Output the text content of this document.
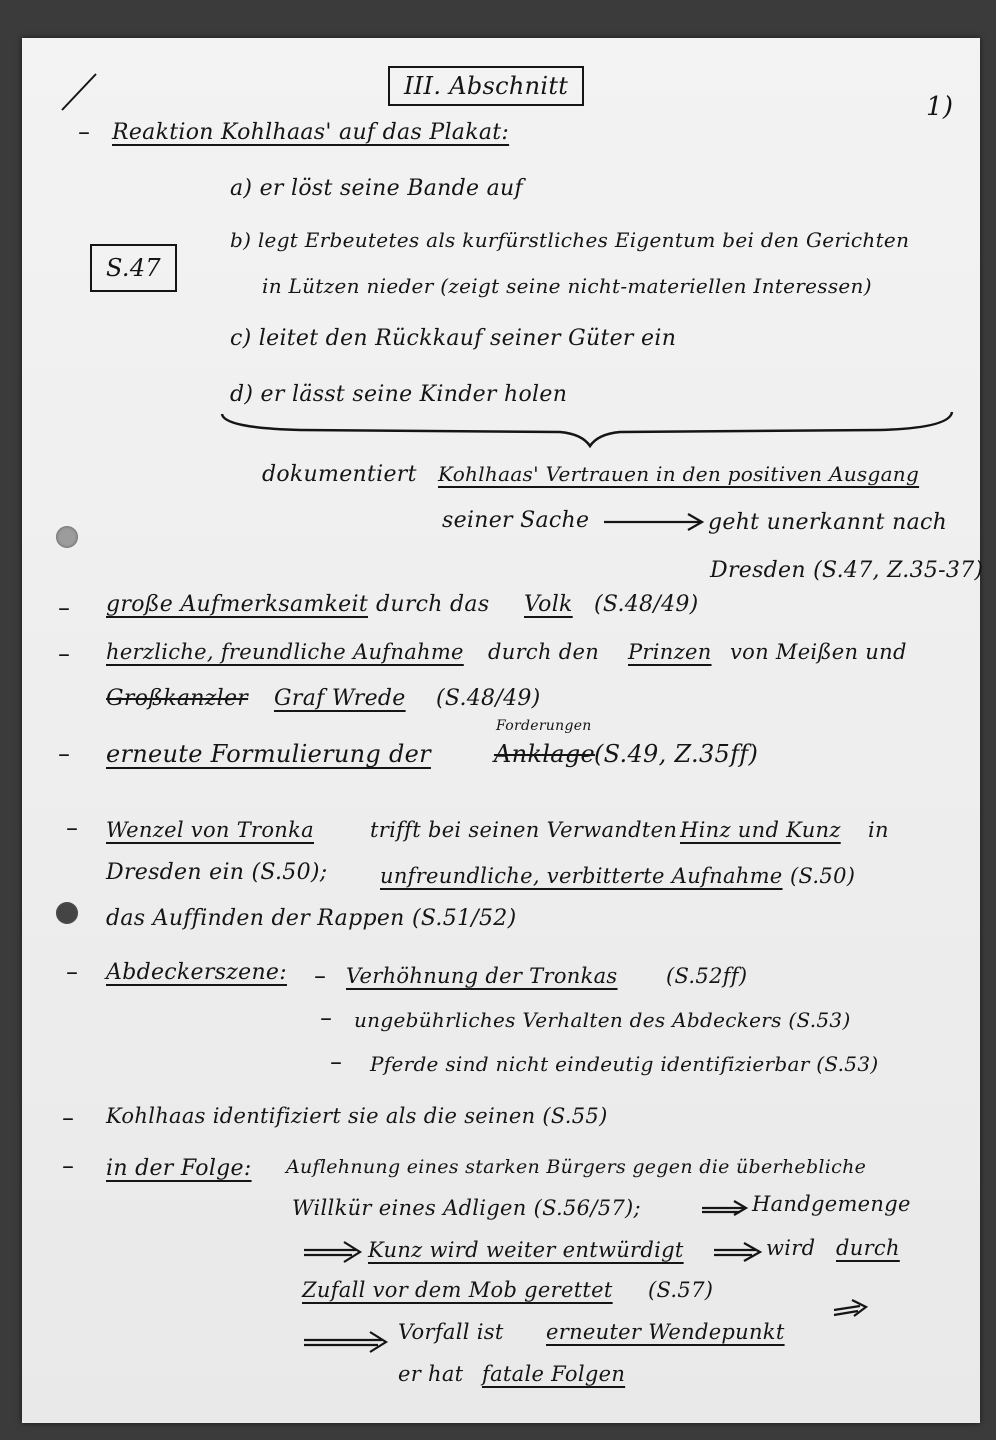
III. Abschnitt
1)
– Reaktion Kohlhaas' auf das Plakat:
S.47
a) er löst seine Bande auf
b) legt Erbeutetes als kurfürstliches Eigentum bei den Gerichten
in Lützen nieder (zeigt seine nicht-materiellen Interessen)
c) leitet den Rückkauf seiner Güter ein
d) er lässt seine Kinder holen
dokumentiert Kohlhaas' Vertrauen in den positiven Ausgang
seiner Sache	geht unerkannt nach
Dresden (S.47, Z.35-37)
– große Aufmerksamkeit durch das Volk (S.48/49)
– herzliche, freundliche Aufnahme durch den Prinzen von Meißen und
Großkanzler Graf Wrede (S.48/49)
– erneute Formulierung der	Anklage
Forderungen
(S.49, Z.35ff)
– Wenzel von Tronka	trifft bei seinen Verwandten Hinz und Kunz in
Dresden ein (S.50);	unfreundliche, verbitterte Aufnahme (S.50)
das Auffinden der Rappen (S.51/52)
– Abdeckerszene: – Verhöhnung der Tronkas (S.52ff)
– ungebührliches Verhalten des Abdeckers (S.53)
– Pferde sind nicht eindeutig identifizierbar (S.53)
– Kohlhaas identifiziert sie als die seinen (S.55)
– in der Folge: Auflehnung eines starken Bürgers gegen die überhebliche
Willkür eines Adligen (S.56/57);	Handgemenge
Kunz wird weiter entwürdigt	wird durch
Zufall vor dem Mob gerettet (S.57)
Vorfall ist erneuter Wendepunkt
er hat fatale Folgen
